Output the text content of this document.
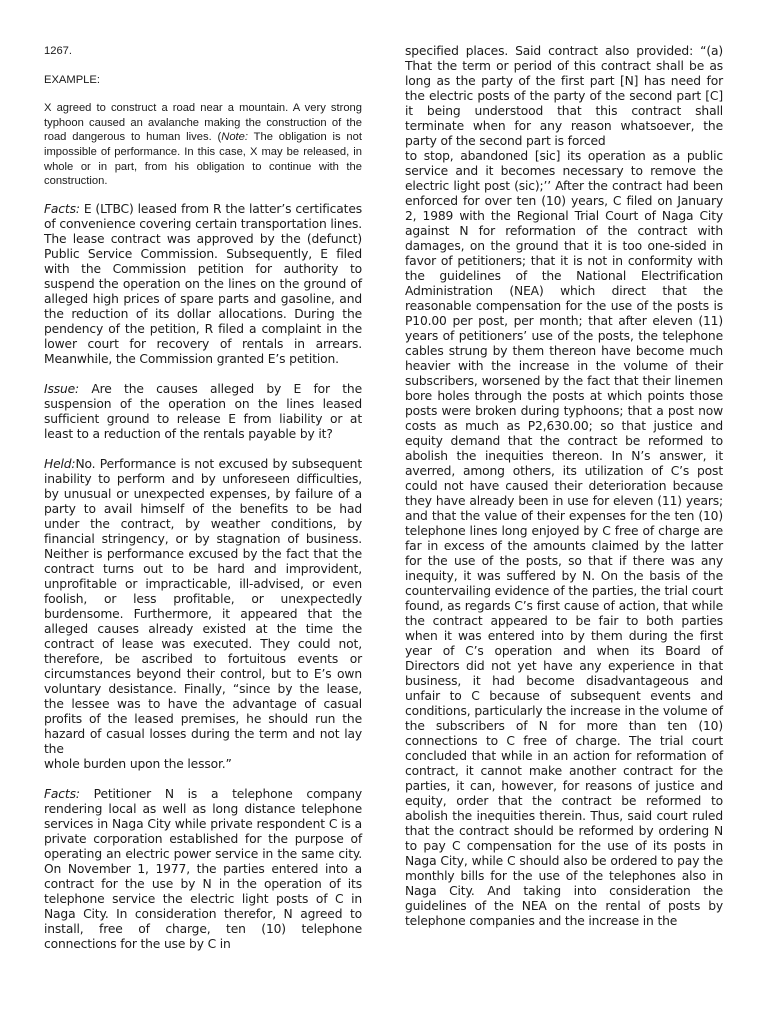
1267.

EXAMPLE:

X agreed to construct a road near a mountain. A very strong typhoon caused an avalanche making the construction of the road dangerous to human lives. (Note: The obligation is not impossible of performance. In this case, X may be released, in whole or in part, from his obligation to continue with the construction.

Facts: E (LTBC) leased from R the latter’s certificates of convenience covering certain transportation lines. The lease contract was approved by the (defunct) Public Service Commission. Subsequently, E filed with the Commission petition for authority to suspend the operation on the lines on the ground of alleged high prices of spare parts and gasoline, and the reduction of its dollar allocations. During the pendency of the petition, R filed a complaint in the lower court for recovery of rentals in arrears. Meanwhile, the Commission granted E’s petition.

Issue: Are the causes alleged by E for the suspension of the operation on the lines leased sufficient ground to release E from liability or at least to a reduction of the rentals payable by it?

Held:No. Performance is not excused by subsequent inability to perform and by unforeseen difficulties, by unusual or unexpected expenses, by failure of a party to avail himself of the benefits to be had under the contract, by weather conditions, by financial stringency, or by stagnation of business. Neither is performance excused by the fact that the contract turns out to be hard and improvident, unprofitable or impracticable, ill-advised, or even foolish, or less profitable, or unexpectedly burdensome. Furthermore, it appeared that the alleged causes already existed at the time the contract of lease was executed. They could not, therefore, be ascribed to fortuitous events or circumstances beyond their control, but to E’s own voluntary desistance. Finally, “since by the lease, the lessee was to have the advantage of casual profits of the leased premises, he should run the hazard of casual losses during the term and not lay the

whole burden upon the lessor.”

Facts: Petitioner N is a telephone company rendering local as well as long distance telephone services in Naga City while private respondent C is a private corporation established for the purpose of operating an electric power service in the same city. On November 1, 1977, the parties entered into a contract for the use by N in the operation of its telephone service the electric light posts of C in Naga City. In consideration therefor, N agreed to install, free of charge, ten (10) telephone connections for the use by C in

specified places. Said contract also provided: “(a) That the term or period of this contract shall be as long as the party of the first part [N] has need for the electric posts of the party of the second part [C] it being understood that this contract shall terminate when for any reason whatsoever, the party of the second part is forced

to stop, abandoned [sic] its operation as a public service and it becomes necessary to remove the electric light post (sic);’’ After the contract had been enforced for over ten (10) years, C filed on January 2, 1989 with the Regional Trial Court of Naga City against N for reformation of the contract with damages, on the ground that it is too one-sided in favor of petitioners; that it is not in conformity with the guidelines of the National Electrification Administration (NEA) which direct that the reasonable compensation for the use of the posts is P10.00 per post, per month; that after eleven (11) years of petitioners’ use of the posts, the telephone cables strung by them thereon have become much heavier with the increase in the volume of their subscribers, worsened by the fact that their linemen bore holes through the posts at which points those posts were broken during typhoons; that a post now costs as much as P2,630.00; so that justice and equity demand that the contract be reformed to abolish the inequities thereon. In N’s answer, it averred, among others, its utilization of C’s post could not have caused their deterioration because they have already been in use for eleven (11) years; and that the value of their expenses for the ten (10) telephone lines long enjoyed by C free of charge are far in excess of the amounts claimed by the latter for the use of the posts, so that if there was any inequity, it was suffered by N. On the basis of the countervailing evidence of the parties, the trial court found, as regards C’s first cause of action, that while the contract appeared to be fair to both parties when it was entered into by them during the first year of C’s operation and when its Board of Directors did not yet have any experience in that business, it had become disadvantageous and unfair to C because of subsequent events and conditions, particularly the increase in the volume of the subscribers of N for more than ten (10) connections to C free of charge. The trial court concluded that while in an action for reformation of contract, it cannot make another contract for the parties, it can, however, for reasons of justice and equity, order that the contract be reformed to abolish the inequities therein. Thus, said court ruled that the contract should be reformed by ordering N to pay C compensation for the use of its posts in Naga City, while C should also be ordered to pay the monthly bills for the use of the telephones also in Naga City. And taking into consideration the guidelines of the NEA on the rental of posts by telephone companies and the increase in the
